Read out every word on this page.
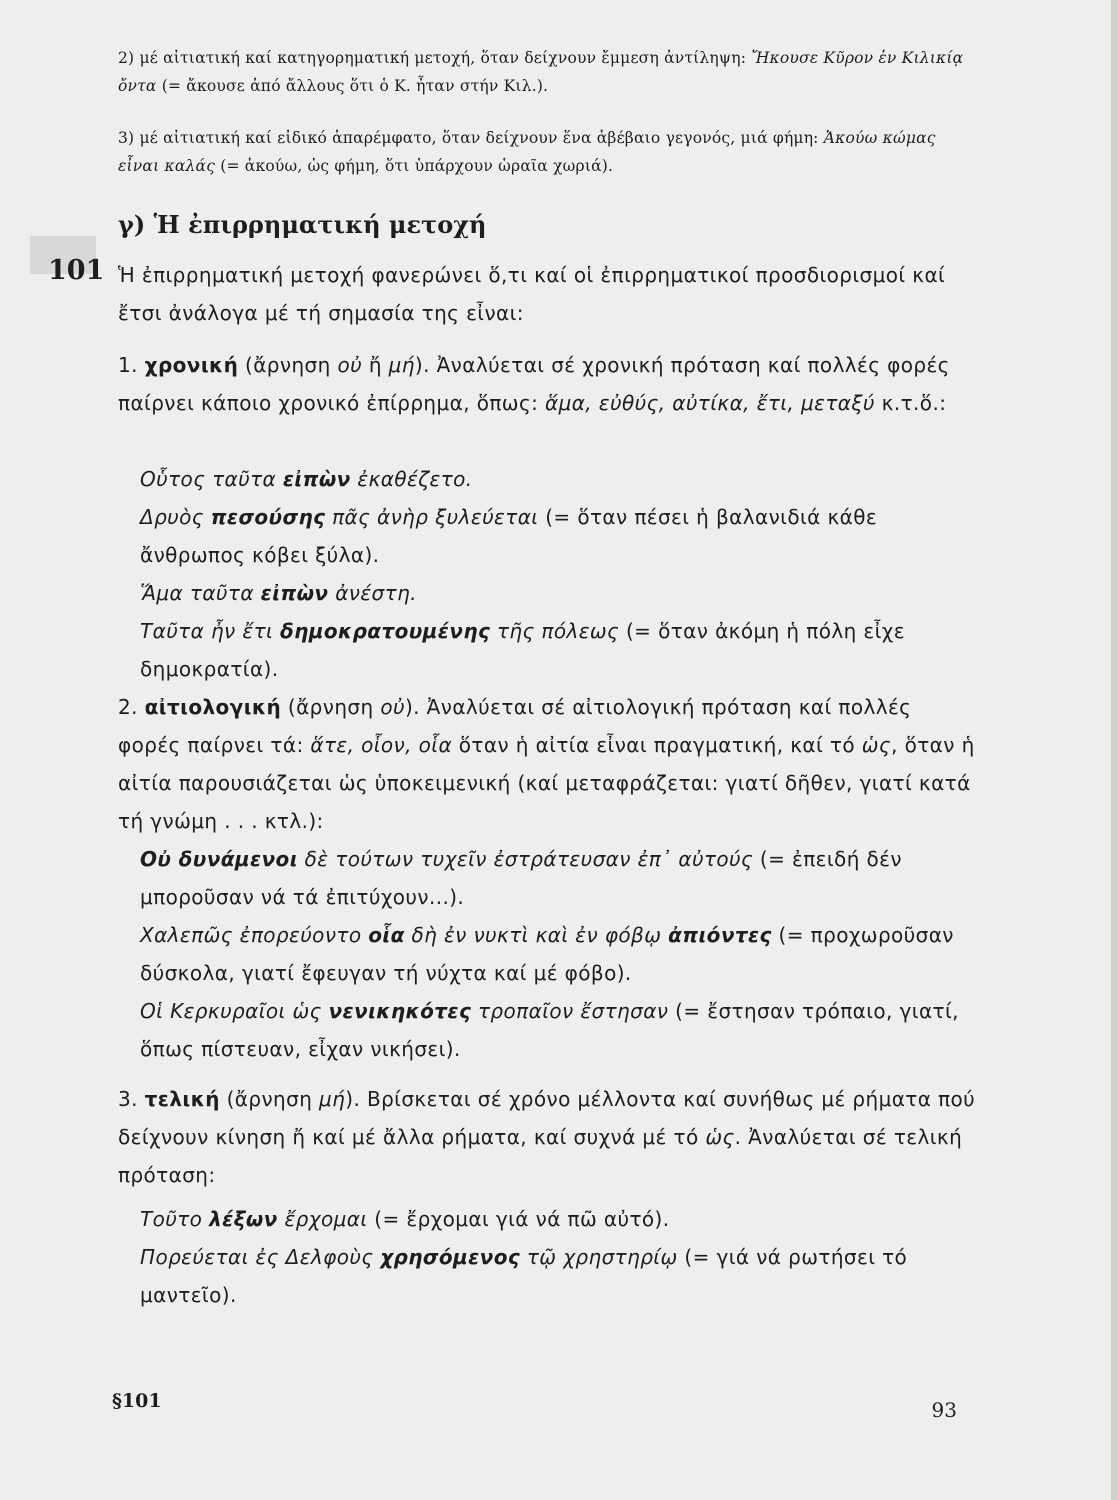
2) μέ αἰτιατική καί κατηγορηματική μετοχή, ὅταν δείχνουν ἔμμεση ἀντίληψη: Ἤκουσε Κῦρον ἐν Κιλικίᾳ ὄντα (= ἄκουσε ἀπό ἄλλους ὅτι ὁ Κ. ἦταν στήν Κιλ.).

3) μέ αἰτιατική καί εἰδικό ἀπαρέμφατο, ὅταν δείχνουν ἕνα ἀβέβαιο γεγονός, μιά φήμη: Ἀκούω κώμας εἶναι καλάς (= ἀκούω, ὡς φήμη, ὅτι ὑπάρχουν ὡραῖα χωριά).

γ) Ἡ ἐπιρρηματική μετοχή
101 Ἡ ἐπιρρηματική μετοχή φανερώνει ὅ,τι καί οἱ ἐπιρρηματικοί προσδιορισμοί καί ἔτσι ἀνάλογα μέ τή σημασία της εἶναι:

1. χρονική (ἄρνηση οὐ ἤ μή). Ἀναλύεται σέ χρονική πρόταση καί πολλές φορές παίρνει κάποιο χρονικό ἐπίρρημα, ὅπως: ἅμα, εὐθύς, αὐτίκα, ἔτι, μεταξύ κ.τ.ὅ.:

Οὗτος ταῦτα εἰπὼν ἐκαθέζετο.
Δρυὸς πεσούσης πᾶς ἀνὴρ ξυλεύεται (= ὅταν πέσει ἡ βαλανιδιά κάθε ἄνθρωπος κόβει ξύλα).
Ἅμα ταῦτα εἰπὼν ἀνέστη.
Ταῦτα ἦν ἔτι δημοκρατουμένης τῆς πόλεως (= ὅταν ἀκόμη ἡ πόλη εἶχε δημοκρατία).

2. αἰτιολογική (ἄρνηση οὐ). Ἀναλύεται σέ αἰτιολογική πρόταση καί πολλές φορές παίρνει τά: ἅτε, οἷον, οἷα ὅταν ἡ αἰτία εἶναι πραγματική, καί τό ὡς, ὅταν ἡ αἰτία παρουσιάζεται ὡς ὑποκειμενική (καί μεταφράζεται: γιατί δῆθεν, γιατί κατά τή γνώμη . . . κτλ.):

Οὐ δυνάμενοι δὲ τούτων τυχεῖν ἐστράτευσαν ἐπ᾽ αὐτούς (= ἐπειδή δέν μποροῦσαν νά τά ἐπιτύχουν...).
Χαλεπῶς ἐπορεύοντο οἷα δὴ ἐν νυκτὶ καὶ ἐν φόβῳ ἀπιόντες (= προχωροῦσαν δύσκολα, γιατί ἔφευγαν τή νύχτα καί μέ φόβο).
Οἱ Κερκυραῖοι ὡς νενικηκότες τροπαῖον ἔστησαν (= ἔστησαν τρόπαιο, γιατί, ὅπως πίστευαν, εἶχαν νικήσει).

3. τελική (ἄρνηση μή). Βρίσκεται σέ χρόνο μέλλοντα καί συνήθως μέ ρήματα πού δείχνουν κίνηση ἤ καί μέ ἄλλα ρήματα, καί συχνά μέ τό ὡς. Ἀναλύεται σέ τελική πρόταση:

Τοῦτο λέξων ἔρχομαι (= ἔρχομαι γιά νά πῶ αὐτό).
Πορεύεται ἐς Δελφοὺς χρησόμενος τῷ χρηστηρίῳ (= γιά νά ρωτήσει τό μαντεῖο).
§101	93
